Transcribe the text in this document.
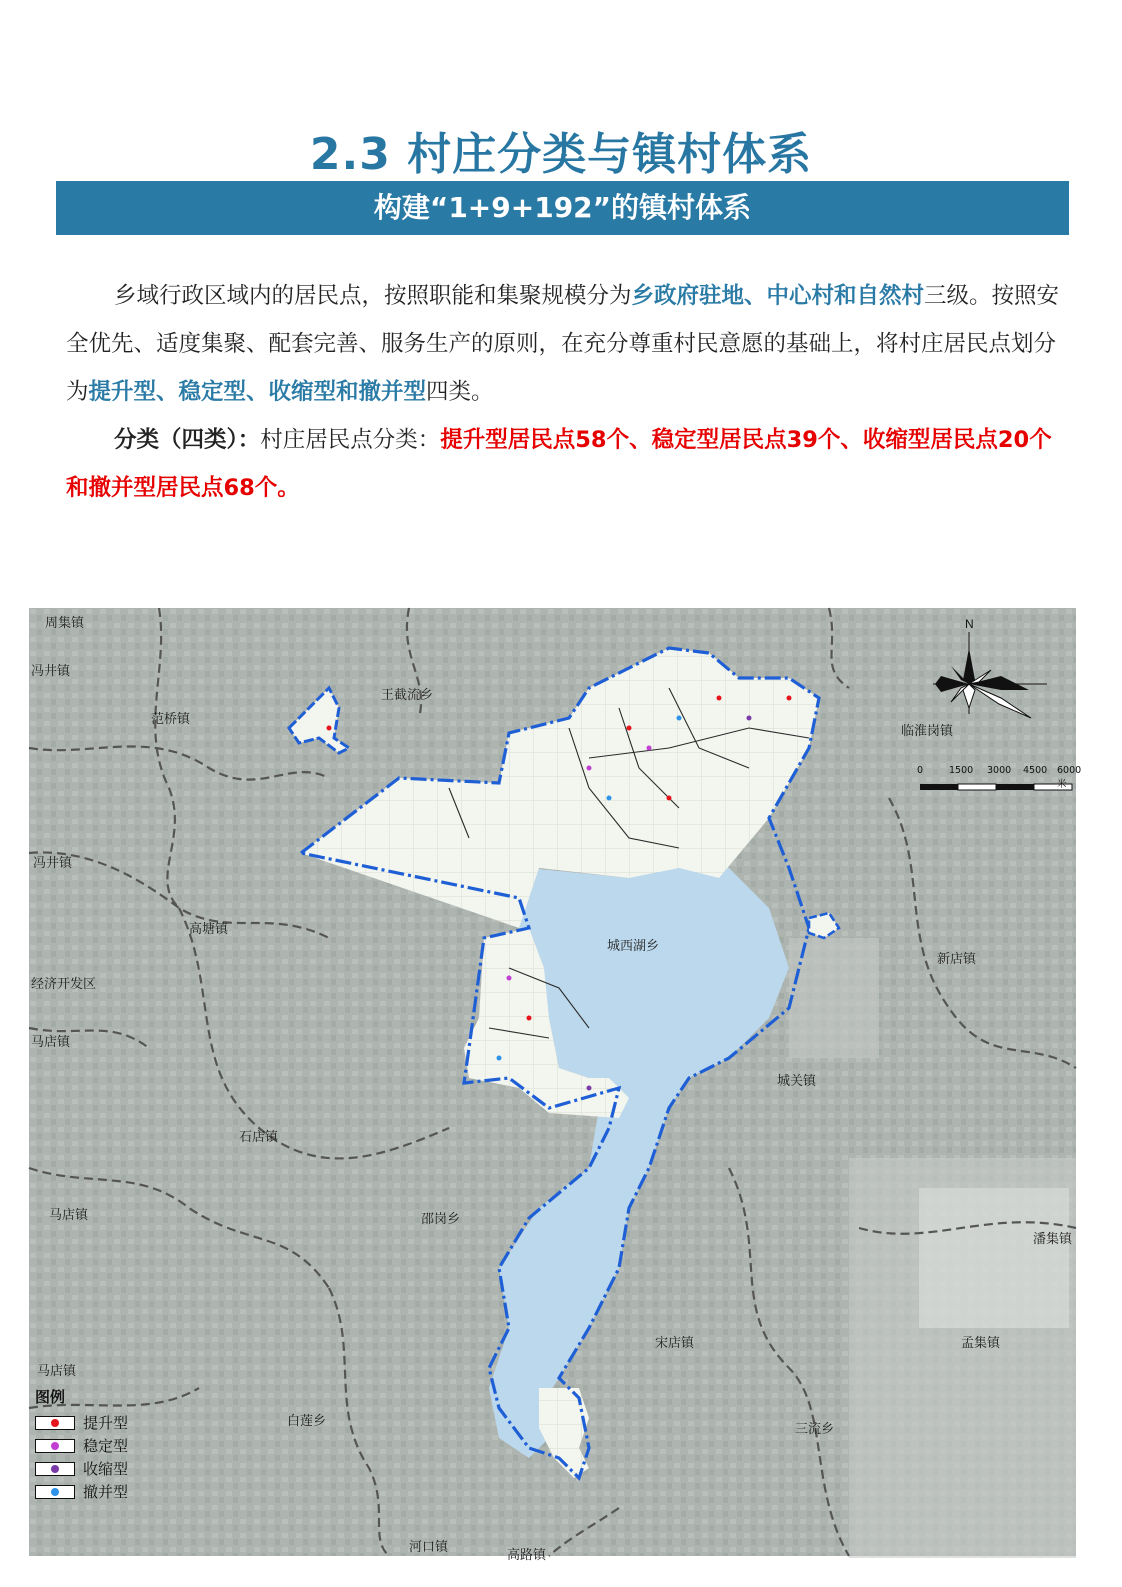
2.3 村庄分类与镇村体系
构建“1+9+192”的镇村体系
乡域行政区域内的居民点，按照职能和集聚规模分为乡政府驻地、中心村和自然村三级。按照安全优先、适度集聚、配套完善、服务生产的原则，在充分尊重村民意愿的基础上，将村庄居民点划分为提升型、稳定型、收缩型和撤并型四类。
分类（四类）：村庄居民点分类：提升型居民点58个、稳定型居民点39个、收缩型居民点20个和撤并型居民点68个。
周集镇
冯井镇
范桥镇
王截流乡
冯井镇
临淮岗镇
高塘镇
经济开发区
城西湖乡
新店镇
马店镇
城关镇
石店镇
马店镇	邵岗乡
潘集镇
宋店镇	孟集镇
马店镇
白莲乡
三流乡
河口镇
高路镇
N
0	1500 3000 4500 6000米
图例
提升型
稳定型
收缩型
撤并型
